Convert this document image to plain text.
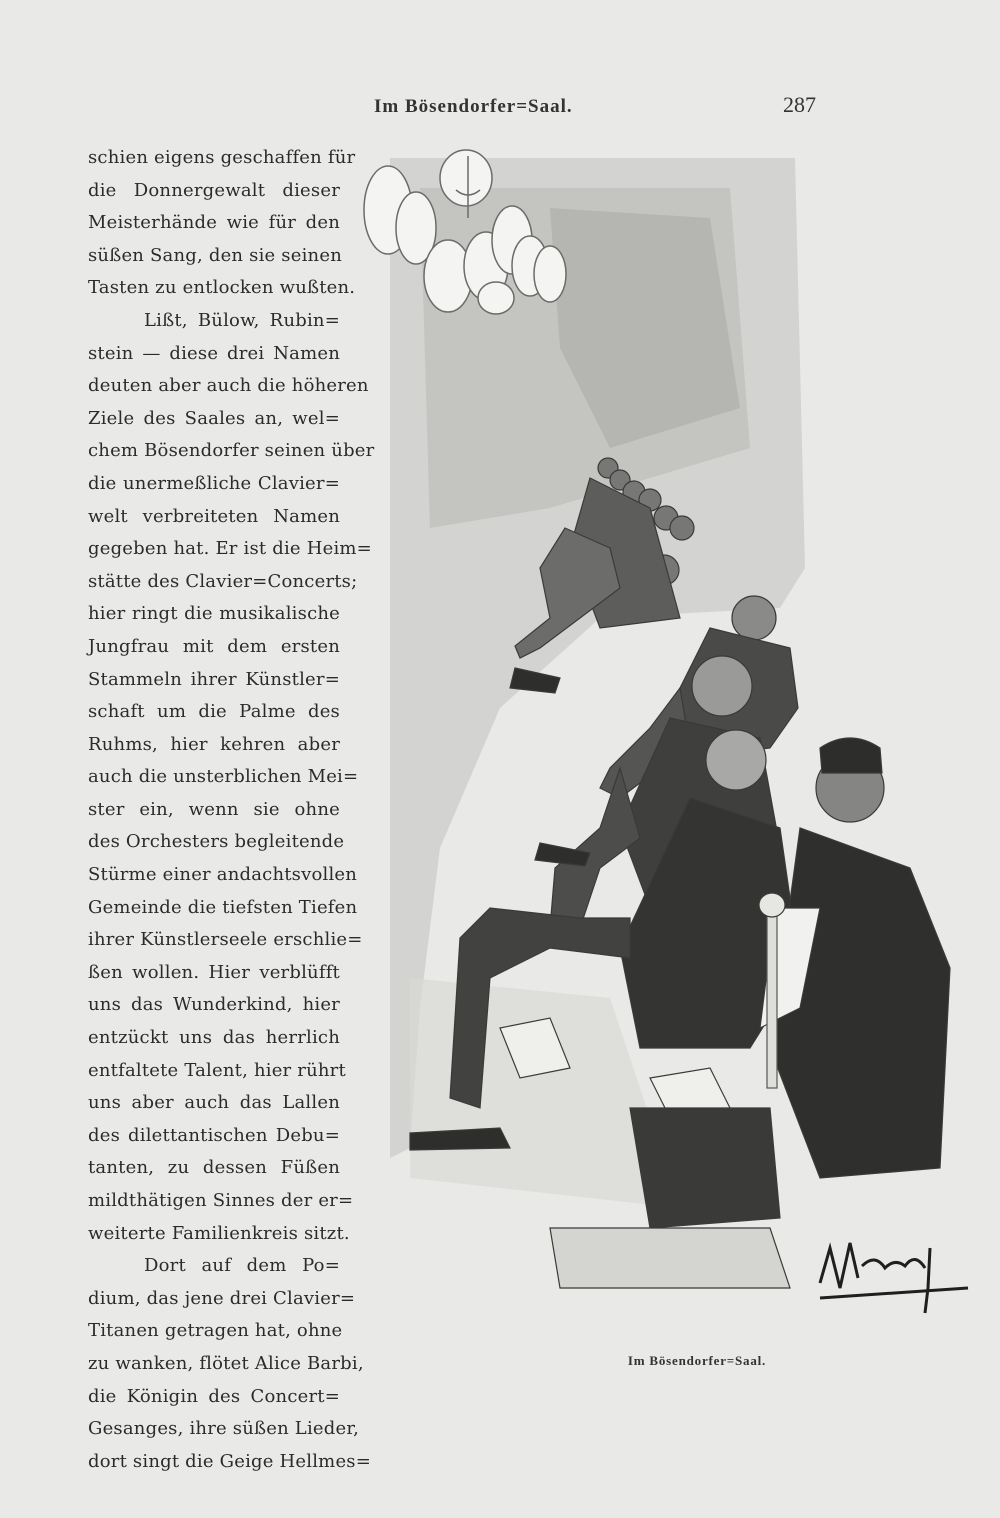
Im Bösendorfer=Saal.	287
schien eigens geschaffen für
die Donnergewalt dieser
Meisterhände wie für den
süßen Sang, den sie seinen
Tasten zu entlocken wußten.
Lißt, Bülow, Rubin=
stein — diese drei Namen
deuten aber auch die höheren
Ziele des Saales an, wel=
chem Bösendorfer seinen über
die unermeßliche Clavier=
welt verbreiteten Namen
gegeben hat. Er ist die Heim=
stätte des Clavier=Concerts;
hier ringt die musikalische
Jungfrau mit dem ersten
Stammeln ihrer Künstler=
schaft um die Palme des
Ruhms, hier kehren aber
auch die unsterblichen Mei=
ster ein, wenn sie ohne
des Orchesters begleitende
Stürme einer andachtsvollen
Gemeinde die tiefsten Tiefen
ihrer Künstlerseele erschlie=
ßen wollen. Hier verblüfft
uns das Wunderkind, hier
entzückt uns das herrlich
entfaltete Talent, hier rührt
uns aber auch das Lallen
des dilettantischen Debu=
tanten, zu dessen Füßen
mildthätigen Sinnes der er=
weiterte Familienkreis sitzt.
Dort auf dem Po=
dium, das jene drei Clavier=
Titanen getragen hat, ohne
zu wanken, flötet Alice Barbi,
die Königin des Concert=
Gesanges, ihre süßen Lieder,
dort singt die Geige Hellmes=
Im Bösendorfer=Saal.
